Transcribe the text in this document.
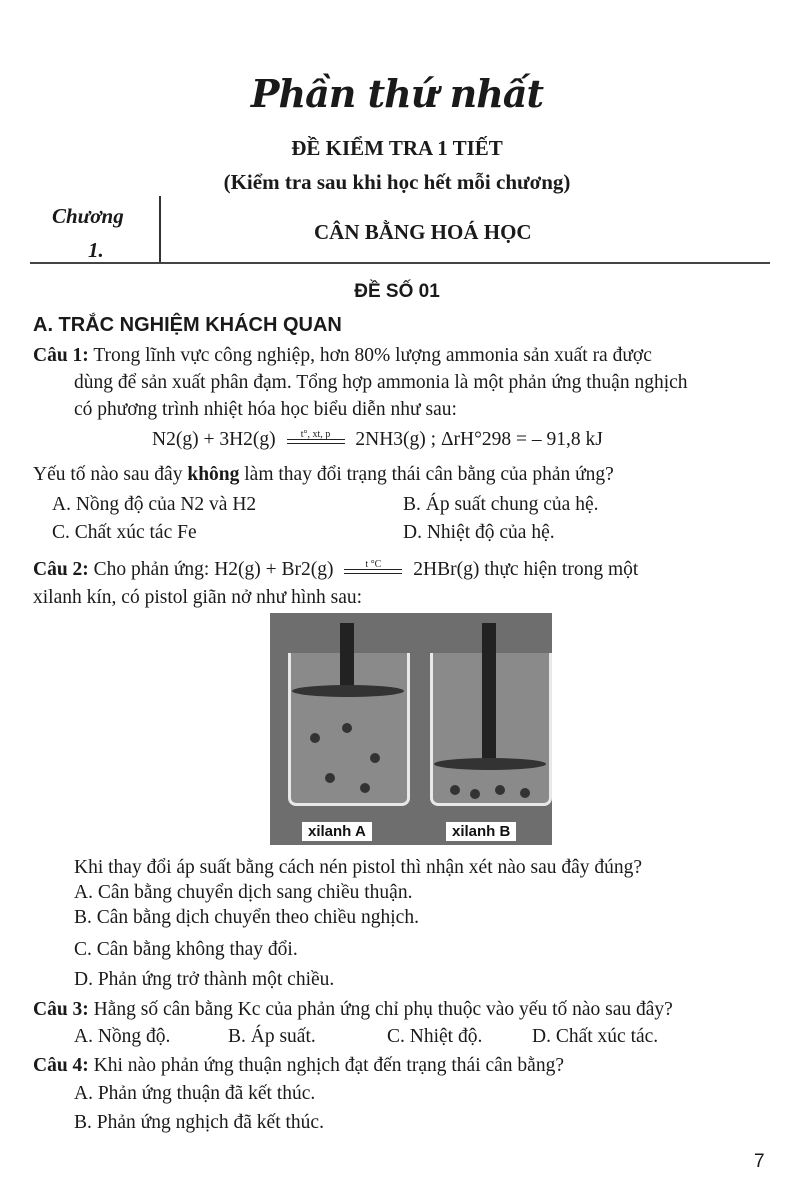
Phần thứ nhất
ĐỀ KIỂM TRA 1 TIẾT
(Kiểm tra sau khi học hết mỗi chương)
Chương
1.
CÂN BẰNG HOÁ HỌC
ĐỀ SỐ 01
A. TRẮC NGHIỆM KHÁCH QUAN
Câu 1: Trong lĩnh vực công nghiệp, hơn 80% lượng ammonia sản xuất ra được
dùng để sản xuất phân đạm. Tổng hợp ammonia là một phản ứng thuận nghịch
có phương trình nhiệt hóa học biểu diễn như sau:
N2(g) + 3H2(g)	t°, xt, p	2NH3(g) ; ΔrH°298 = – 91,8 kJ
Yếu tố nào sau đây không làm thay đổi trạng thái cân bằng của phản ứng?
A. Nồng độ của N2 và H2	B. Áp suất chung của hệ.
C. Chất xúc tác Fe	D. Nhiệt độ của hệ.
Câu 2: Cho phản ứng: H2(g) + Br2(g)	t °C	2HBr(g) thực hiện trong một
xilanh kín, có pistol giãn nở như hình sau:
xilanh A	xilanh B
Khi thay đổi áp suất bằng cách nén pistol thì nhận xét nào sau đây đúng?
A. Cân bằng chuyển dịch sang chiều thuận.
B. Cân bằng dịch chuyển theo chiều nghịch.
C. Cân bằng không thay đổi.
D. Phản ứng trở thành một chiều.
Câu 3: Hằng số cân bằng Kc của phản ứng chỉ phụ thuộc vào yếu tố nào sau đây?
A. Nồng độ.	B. Áp suất.	C. Nhiệt độ.	D. Chất xúc tác.
Câu 4: Khi nào phản ứng thuận nghịch đạt đến trạng thái cân bằng?
A. Phản ứng thuận đã kết thúc.
B. Phản ứng nghịch đã kết thúc.
7
